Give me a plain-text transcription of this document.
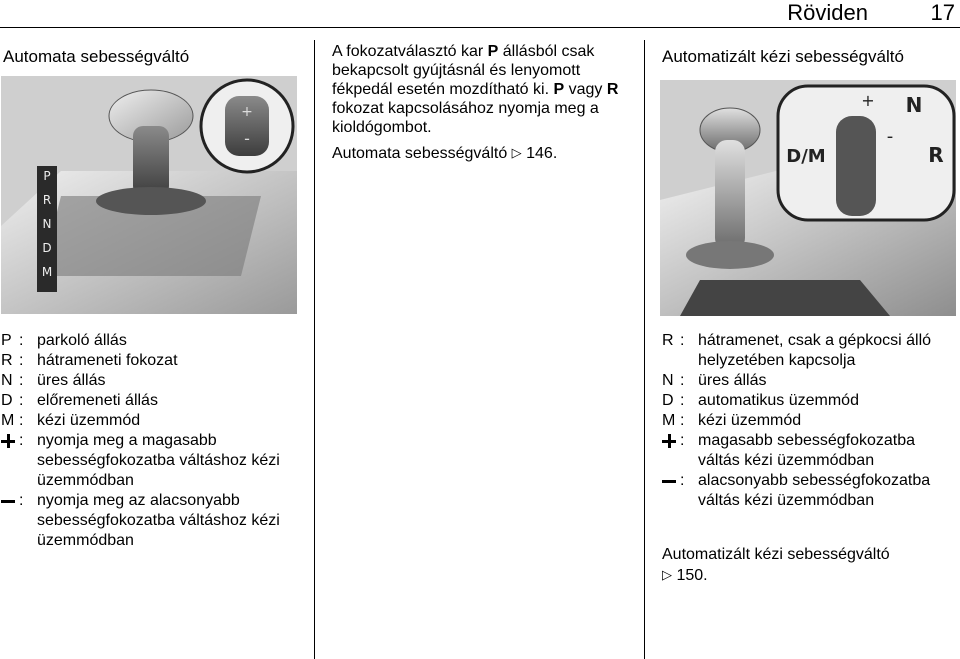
Röviden	17
Automata sebességváltó
+
-
P
R
N
D
M
P : parkoló állás
R : hátrameneti fokozat
N : üres állás
D : előremeneti állás
M : kézi üzemmód
: nyomja meg a magasabb sebességfokozatba váltáshoz kézi üzemmódban
: nyomja meg az alacsonyabb sebességfokozatba váltáshoz kézi üzemmódban

A fokozatválasztó kar P állásból csak bekapcsolt gyújtásnál és lenyomott fékpedál esetén mozdítható ki. P vagy R fokozat kapcsolásához nyomja meg a kioldógombot.

Automata sebességváltó ▷ 146.

Automatizált kézi sebességváltó
N
D/M	R
+
-
R : hátramenet, csak a gépkocsi álló helyzetében kapcsolja
N : üres állás
D : automatikus üzemmód
M : kézi üzemmód
: magasabb sebességfokozatba váltás kézi üzemmódban
: alacsonyabb sebességfokozatba váltás kézi üzemmódban
Automatizált kézi sebességváltó
▷ 150.
